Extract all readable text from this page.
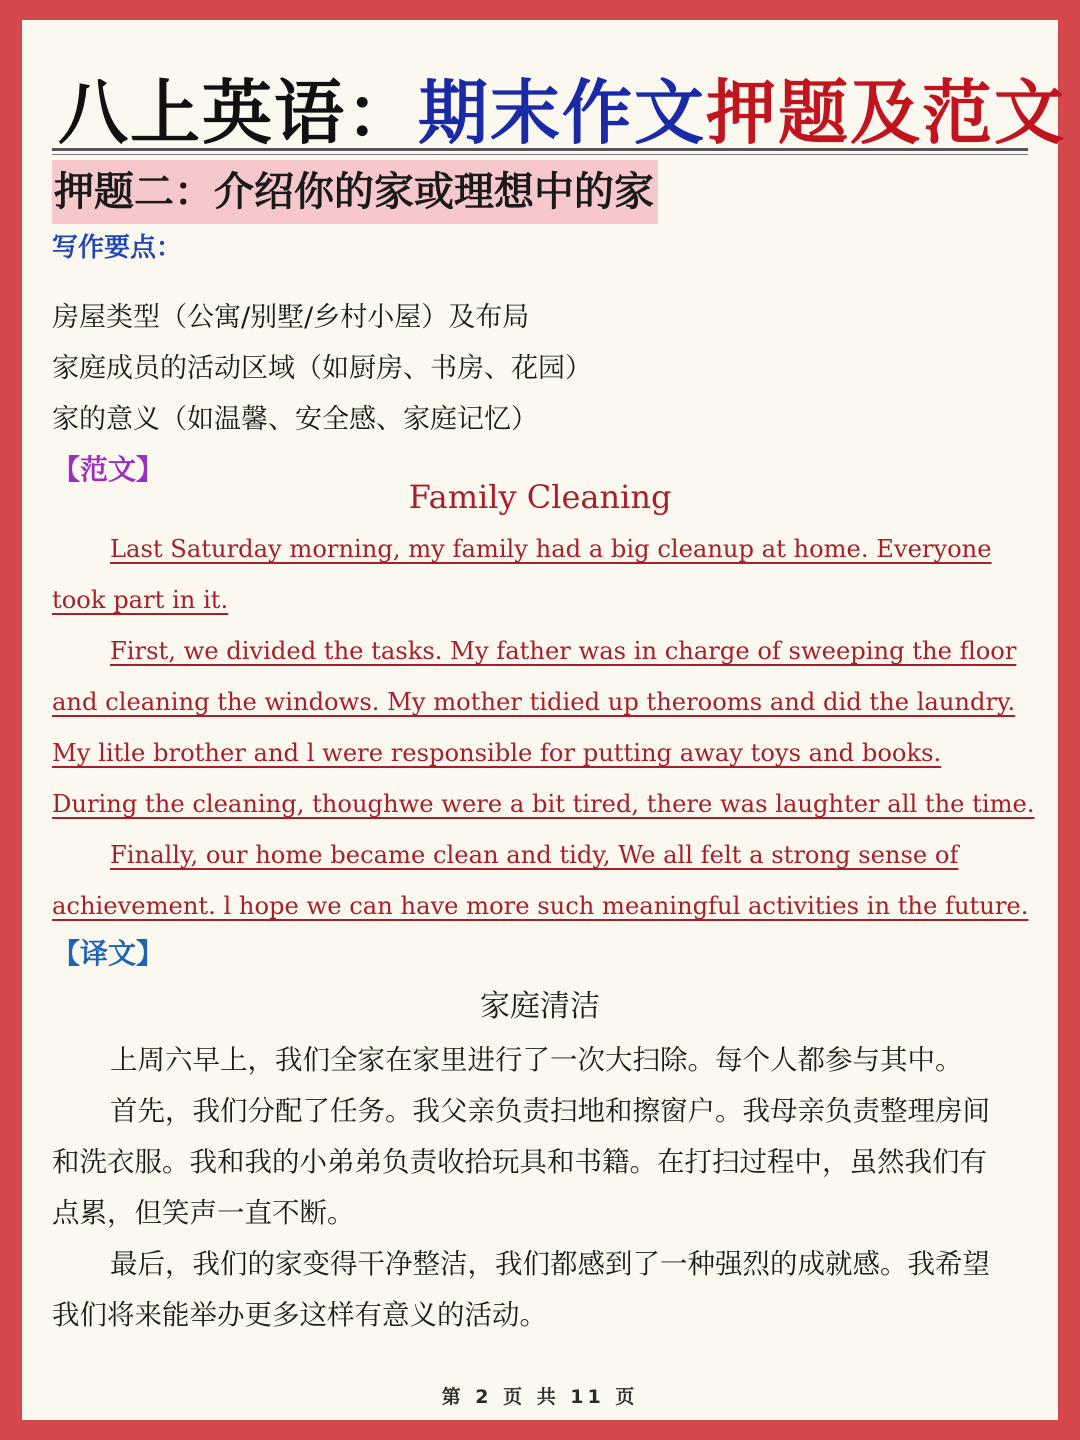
八上英语：期末作文押题及范文
押题二：介绍你的家或理想中的家
写作要点：
房屋类型（公寓/别墅/乡村小屋）及布局
家庭成员的活动区域（如厨房、书房、花园）
家的意义（如温馨、安全感、家庭记忆）
【范文】
Family Cleaning
Last Saturday morning, my family had a big cleanup at home. Everyone
took part in it.
First, we divided the tasks. My father was in charge of sweeping the floor
and cleaning the windows. My mother tidied up therooms and did the laundry.
My litle brother and l were responsible for putting away toys and books.
During the cleaning, thoughwe were a bit tired, there was laughter all the time.
Finally, our home became clean and tidy, We all felt a strong sense of
achievement. l hope we can have more such meaningful activities in the future.
【译文】
家庭清洁
上周六早上，我们全家在家里进行了一次大扫除。每个人都参与其中。
首先，我们分配了任务。我父亲负责扫地和擦窗户。我母亲负责整理房间
和洗衣服。我和我的小弟弟负责收拾玩具和书籍。在打扫过程中，虽然我们有
点累，但笑声一直不断。
最后，我们的家变得干净整洁，我们都感到了一种强烈的成就感。我希望
我们将来能举办更多这样有意义的活动。
第 2 页 共 11 页
